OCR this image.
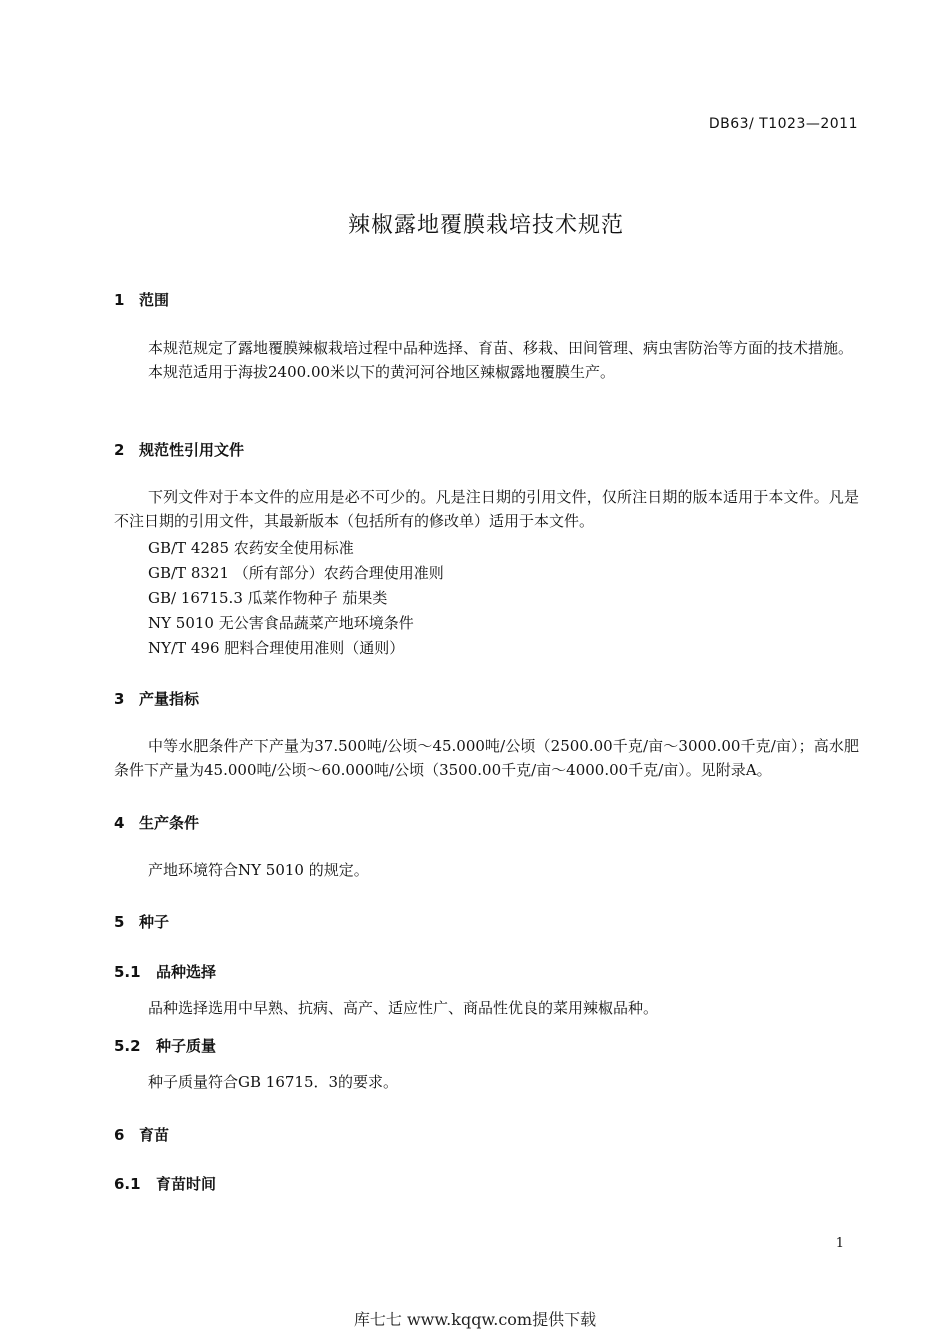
DB63/ T1023—2011
辣椒露地覆膜栽培技术规范
1 范围

本规范规定了露地覆膜辣椒栽培过程中品种选择、育苗、移栽、田间管理、病虫害防治等方面的技术措施。

本规范适用于海拔2400.00米以下的黄河河谷地区辣椒露地覆膜生产。

2 规范性引用文件

下列文件对于本文件的应用是必不可少的。凡是注日期的引用文件，仅所注日期的版本适用于本文件。凡是不注日期的引用文件，其最新版本（包括所有的修改单）适用于本文件。

GB/T 4285 农药安全使用标准
GB/T 8321 （所有部分）农药合理使用准则
GB/ 16715.3 瓜菜作物种子 茄果类
NY 5010 无公害食品蔬菜产地环境条件
NY/T 496 肥料合理使用准则（通则）
3 产量指标

中等水肥条件产下产量为37.500吨/公顷～45.000吨/公顷（2500.00千克/亩～3000.00千克/亩）；高水肥条件下产量为45.000吨/公顷～60.000吨/公顷（3500.00千克/亩～4000.00千克/亩）。见附录A。

4 生产条件

产地环境符合NY 5010 的规定。

5 种子
5.1 品种选择

品种选择选用中早熟、抗病、高产、适应性广、商品性优良的菜用辣椒品种。

5.2 种子质量

种子质量符合GB 16715．3的要求。

6 育苗
6.1 育苗时间
1
库七七 www.kqqw.com提供下载
